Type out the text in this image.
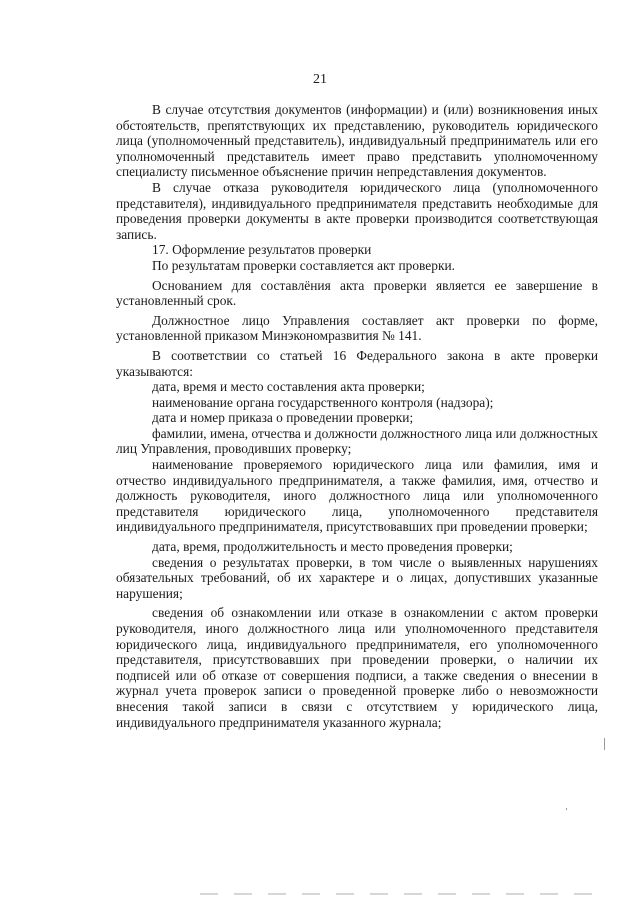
21

В случае отсутствия документов (информации) и (или) возникновения иных обстоятельств, препятствующих их представлению, руководитель юридического лица (уполномоченный представитель), индивидуальный предприниматель или его уполномоченный представитель имеет право представить уполномоченному специалисту письменное объяснение причин непредставления документов.

В случае отказа руководителя юридического лица (уполномоченного представителя), индивидуального предпринимателя представить необходимые для проведения проверки документы в акте проверки производится соответствующая запись.

17. Оформление результатов проверки

По результатам проверки составляется акт проверки.

Основанием для составлёния акта проверки является ее завершение в установленный срок.

Должностное лицо Управления составляет акт проверки по форме, установленной приказом Минэкономразвития № 141.

В соответствии со статьей 16 Федерального закона в акте проверки указываются:

дата, время и место составления акта проверки;

наименование органа государственного контроля (надзора);

дата и номер приказа о проведении проверки;

фамилии, имена, отчества и должности должностного лица или должностных лиц Управления, проводивших проверку;

наименование проверяемого юридического лица или фамилия, имя и отчество индивидуального предпринимателя, а также фамилия, имя, отчество и должность руководителя, иного должностного лица или уполномоченного представителя юридического лица, уполномоченного представителя индивидуального предпринимателя, присутствовавших при проведении проверки;

дата, время, продолжительность и место проведения проверки;

сведения о результатах проверки, в том числе о выявленных нарушениях обязательных требований, об их характере и о лицах, допустивших указанные нарушения;

сведения об ознакомлении или отказе в ознакомлении с актом проверки руководителя, иного должностного лица или уполномоченного представителя юридического лица, индивидуального предпринимателя, его уполномоченного представителя, присутствовавших при проведении проверки, о наличии их подписей или об отказе от совершения подписи, а также сведения о внесении в журнал учета проверок записи о проведенной проверке либо о невозможности внесения такой записи в связи с отсутствием у юридического лица, индивидуального предпринимателя указанного журнала;
